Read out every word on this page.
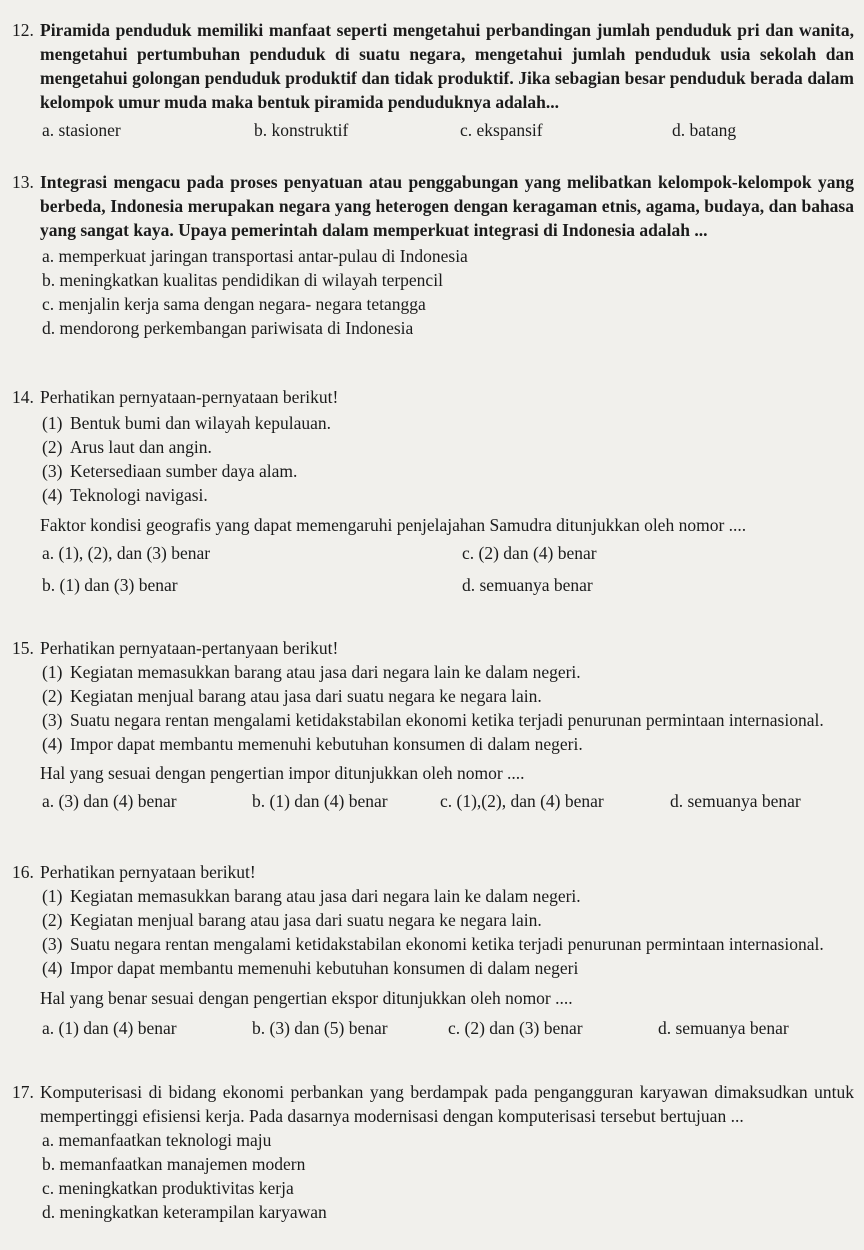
12. Piramida penduduk memiliki manfaat seperti mengetahui perbandingan jumlah penduduk pri dan wanita, mengetahui pertumbuhan penduduk di suatu negara, mengetahui jumlah penduduk usia sekolah dan mengetahui golongan penduduk produktif dan tidak produktif. Jika sebagian besar penduduk berada dalam kelompok umur muda maka bentuk piramida penduduknya adalah...
a. stasioner	b. konstruktif	c. ekspansif	d. batang
13. Integrasi mengacu pada proses penyatuan atau penggabungan yang melibatkan kelompok-kelompok yang berbeda, Indonesia merupakan negara yang heterogen dengan keragaman etnis, agama, budaya, dan bahasa yang sangat kaya. Upaya pemerintah dalam memperkuat integrasi di Indonesia adalah ...
a. memperkuat jaringan transportasi antar-pulau di Indonesia
b. meningkatkan kualitas pendidikan di wilayah terpencil
c. menjalin kerja sama dengan negara- negara tetangga
d. mendorong perkembangan pariwisata di Indonesia
14. Perhatikan pernyataan-pernyataan berikut!
(1) Bentuk bumi dan wilayah kepulauan.
(2) Arus laut dan angin.
(3) Ketersediaan sumber daya alam.
(4) Teknologi navigasi.
Faktor kondisi geografis yang dapat memengaruhi penjelajahan Samudra ditunjukkan oleh nomor ....
a. (1), (2), dan (3) benar	c. (2) dan (4) benar
b. (1) dan (3) benar	d. semuanya benar
15. Perhatikan pernyataan-pertanyaan berikut!
(1) Kegiatan memasukkan barang atau jasa dari negara lain ke dalam negeri.
(2) Kegiatan menjual barang atau jasa dari suatu negara ke negara lain.
(3) Suatu negara rentan mengalami ketidakstabilan ekonomi ketika terjadi penurunan permintaan internasional.
(4) Impor dapat membantu memenuhi kebutuhan konsumen di dalam negeri.
Hal yang sesuai dengan pengertian impor ditunjukkan oleh nomor ....
a. (3) dan (4) benar	b. (1) dan (4) benar	c. (1),(2), dan (4) benar	d. semuanya benar
16. Perhatikan pernyataan berikut!
(1) Kegiatan memasukkan barang atau jasa dari negara lain ke dalam negeri.
(2) Kegiatan menjual barang atau jasa dari suatu negara ke negara lain.
(3) Suatu negara rentan mengalami ketidakstabilan ekonomi ketika terjadi penurunan permintaan internasional.
(4) Impor dapat membantu memenuhi kebutuhan konsumen di dalam negeri
Hal yang benar sesuai dengan pengertian ekspor ditunjukkan oleh nomor ....
a. (1) dan (4) benar	b. (3) dan (5) benar	c. (2) dan (3) benar	d. semuanya benar
17. Komputerisasi di bidang ekonomi perbankan yang berdampak pada pengangguran karyawan dimaksudkan untuk mempertinggi efisiensi kerja. Pada dasarnya modernisasi dengan komputerisasi tersebut bertujuan ...
a. memanfaatkan teknologi maju
b. memanfaatkan manajemen modern
c. meningkatkan produktivitas kerja
d. meningkatkan keterampilan karyawan
